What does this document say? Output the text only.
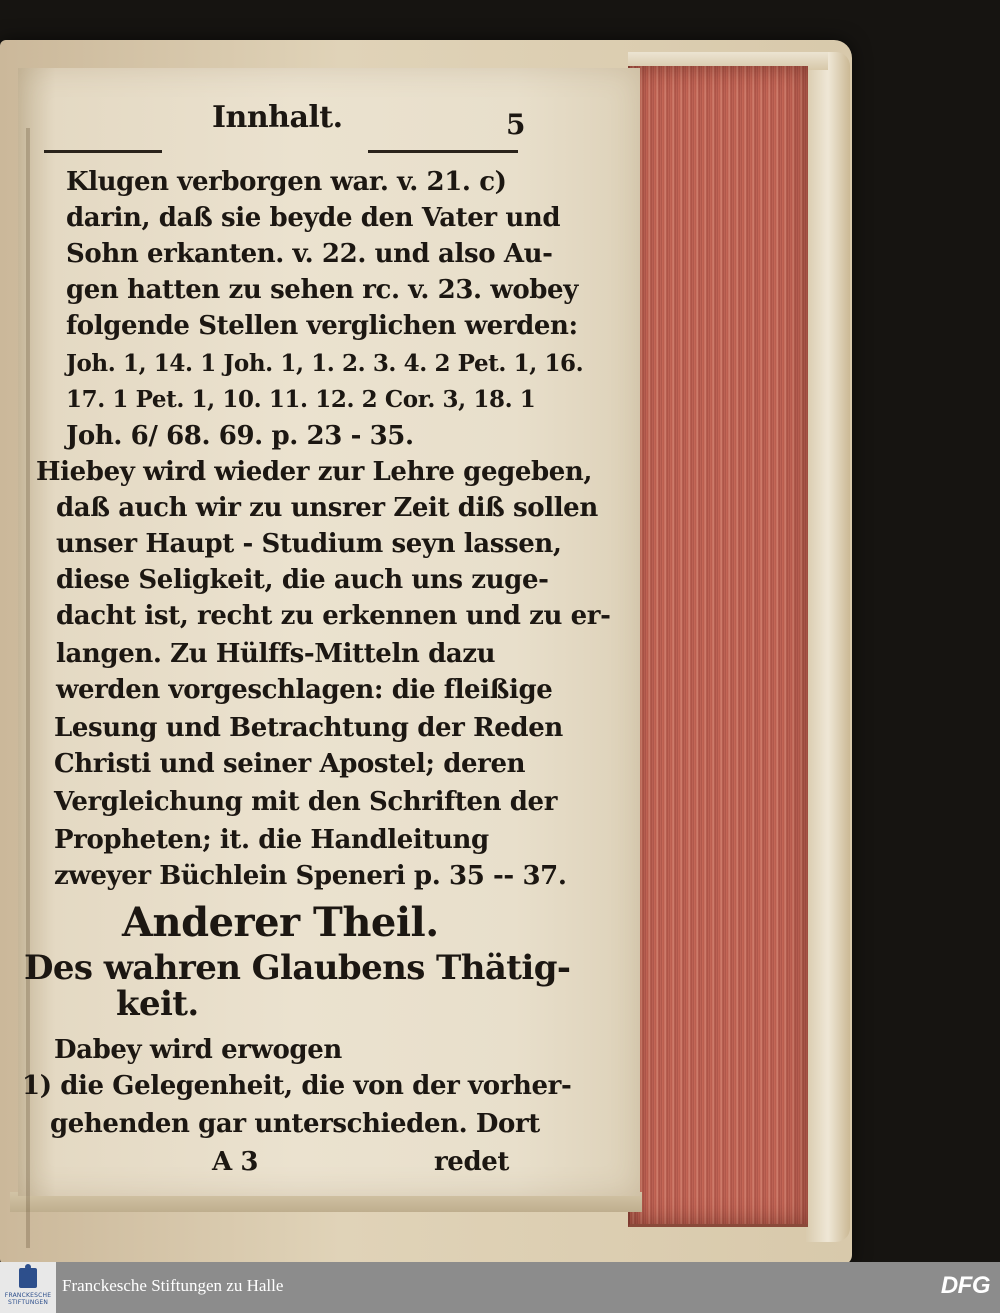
Innhalt.	5
Klugen verborgen war. v. 21. c)
darin, daß sie beyde den Vater und
Sohn erkanten. v. 22. und also Au-
gen hatten zu sehen rc. v. 23. wobey
folgende Stellen verglichen werden:
Joh. 1, 14. 1 Joh. 1, 1. 2. 3. 4. 2 Pet. 1, 16.
17. 1 Pet. 1, 10. 11. 12. 2 Cor. 3, 18. 1
Joh. 6/ 68. 69. p. 23 - 35.
Hiebey wird wieder zur Lehre gegeben,
daß auch wir zu unsrer Zeit diß sollen
unser Haupt - Studium seyn lassen,
diese Seligkeit, die auch uns zuge-
dacht ist, recht zu erkennen und zu er-
langen. Zu Hülffs-Mitteln dazu
werden vorgeschlagen: die fleißige
Lesung und Betrachtung der Reden
Christi und seiner Apostel; deren
Vergleichung mit den Schriften der
Propheten; it. die Handleitung
zweyer Büchlein Speneri p. 35 -- 37.
Anderer Theil.
Des wahren Glaubens Thätig-
keit.
Dabey wird erwogen
1) die Gelegenheit, die von der vorher-
gehenden gar unterschieden. Dort
A 3	redet
FRANCKESCHE STIFTUNGEN
Franckesche Stiftungen zu Halle	DFG
